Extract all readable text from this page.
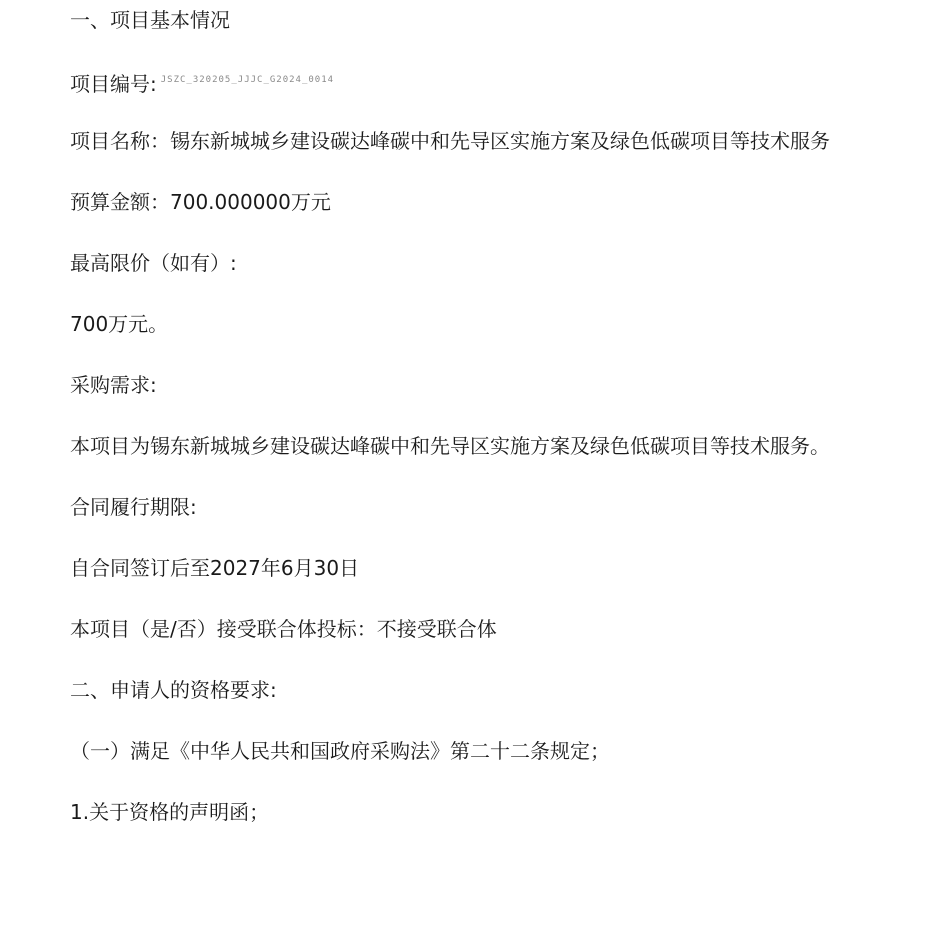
一、项目基本情况
项目编号: JSZC_320205_JJJC_G2024_0014
项目名称：锡东新城城乡建设碳达峰碳中和先导区实施方案及绿色低碳项目等技术服务
预算金额：700.000000万元
最高限价（如有）:
700万元。
采购需求:
本项目为锡东新城城乡建设碳达峰碳中和先导区实施方案及绿色低碳项目等技术服务。
合同履行期限:
自合同签订后至2027年6月30日
本项目（是/否）接受联合体投标：不接受联合体
二、申请人的资格要求:
（一）满足《中华人民共和国政府采购法》第二十二条规定；
1.关于资格的声明函；
